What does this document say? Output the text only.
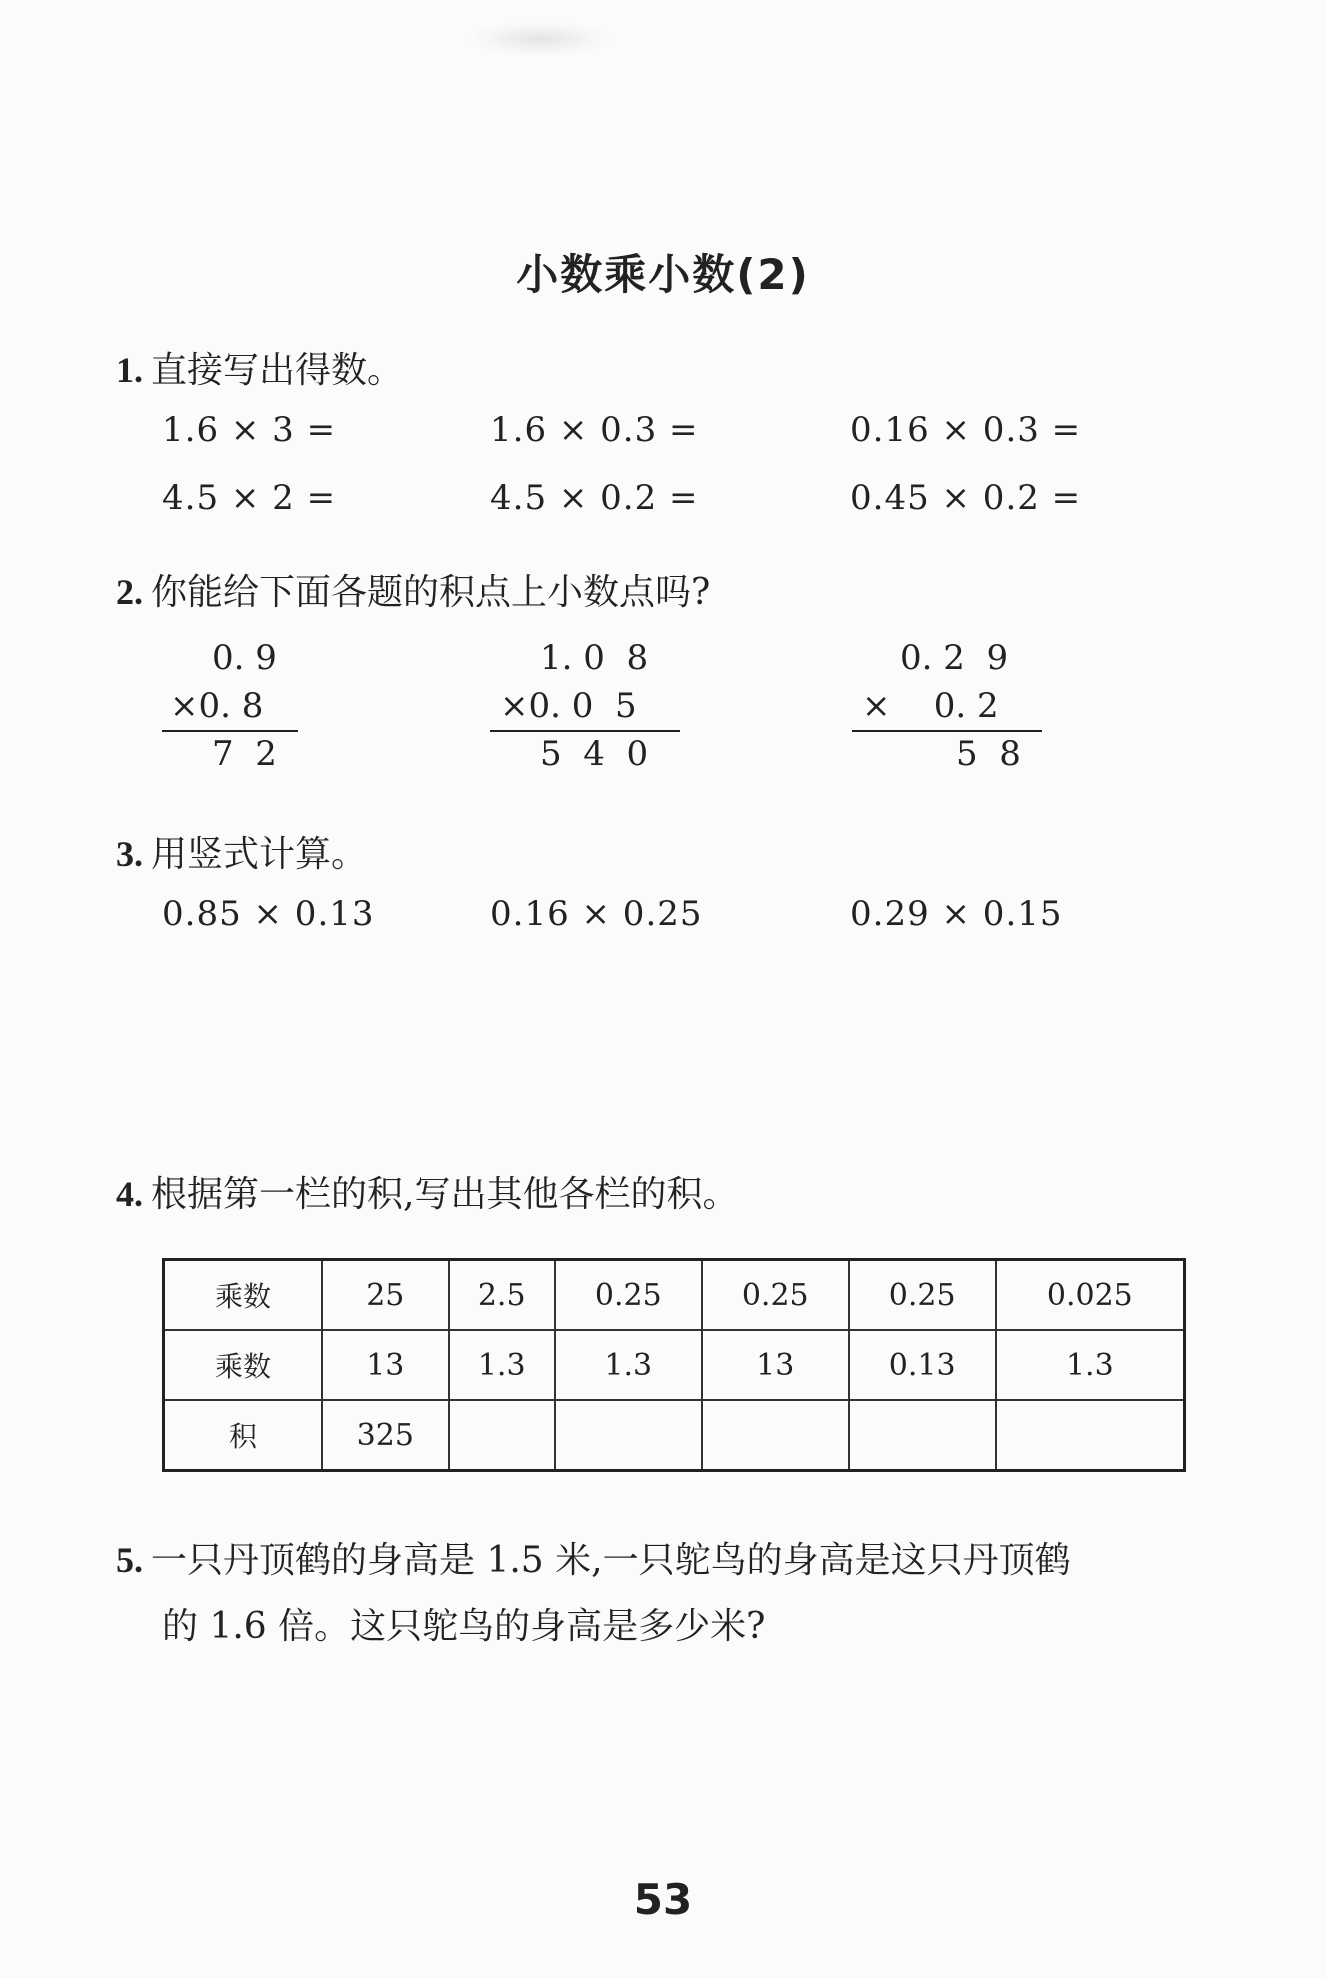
小数乘小数(2)
1. 直接写出得数。
1.6 × 3 =	1.6 × 0.3 =	0.16 × 0.3 =
4.5 × 2 =	4.5 × 0.2 =	0.45 × 0.2 =
2. 你能给下面各题的积点上小数点吗?
0. 9
×0. 8
7  2
1. 0  8
×0. 0  5
5  4  0
0. 2  9
×    0. 2
5  8
3. 用竖式计算。
0.85 × 0.13	0.16 × 0.25	0.29 × 0.15
4. 根据第一栏的积,写出其他各栏的积。
乘数	25	2.5	0.25	0.25	0.25	0.025
乘数	13	1.3	1.3	13	0.13	1.3
积	325					
5. 一只丹顶鹤的身高是 1.5 米,一只鸵鸟的身高是这只丹顶鹤
的 1.6 倍。这只鸵鸟的身高是多少米?
53
